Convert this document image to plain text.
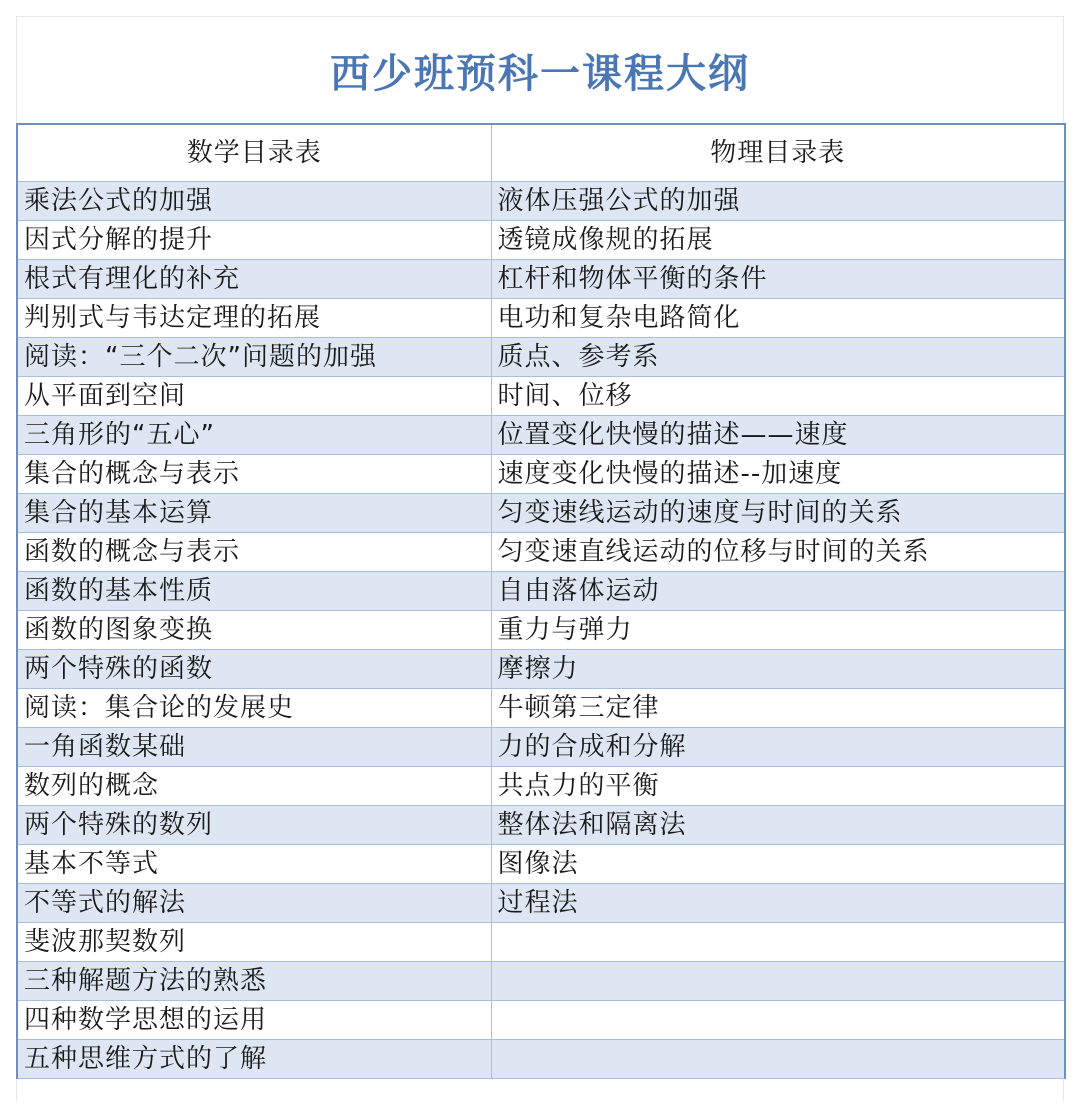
西少班预科一课程大纲
数学目录表	物理目录表
乘法公式的加强	液体压强公式的加强
因式分解的提升	透镜成像规的拓展
根式有理化的补充	杠杆和物体平衡的条件
判别式与韦达定理的拓展	电功和复杂电路简化
阅读：“三个二次”问题的加强	质点、参考系
从平面到空间	时间、位移
三角形的“五心”	位置变化快慢的描述——速度
集合的概念与表示	速度变化快慢的描述--加速度
集合的基本运算	匀变速线运动的速度与时间的关系
函数的概念与表示	匀变速直线运动的位移与时间的关系
函数的基本性质	自由落体运动
函数的图象变换	重力与弹力
两个特殊的函数	摩擦力
阅读：集合论的发展史	牛顿第三定律
一角函数某础	力的合成和分解
数列的概念	共点力的平衡
两个特殊的数列	整体法和隔离法
基本不等式	图像法
不等式的解法	过程法
斐波那契数列	
三种解题方法的熟悉	
四种数学思想的运用	
五种思维方式的了解	
